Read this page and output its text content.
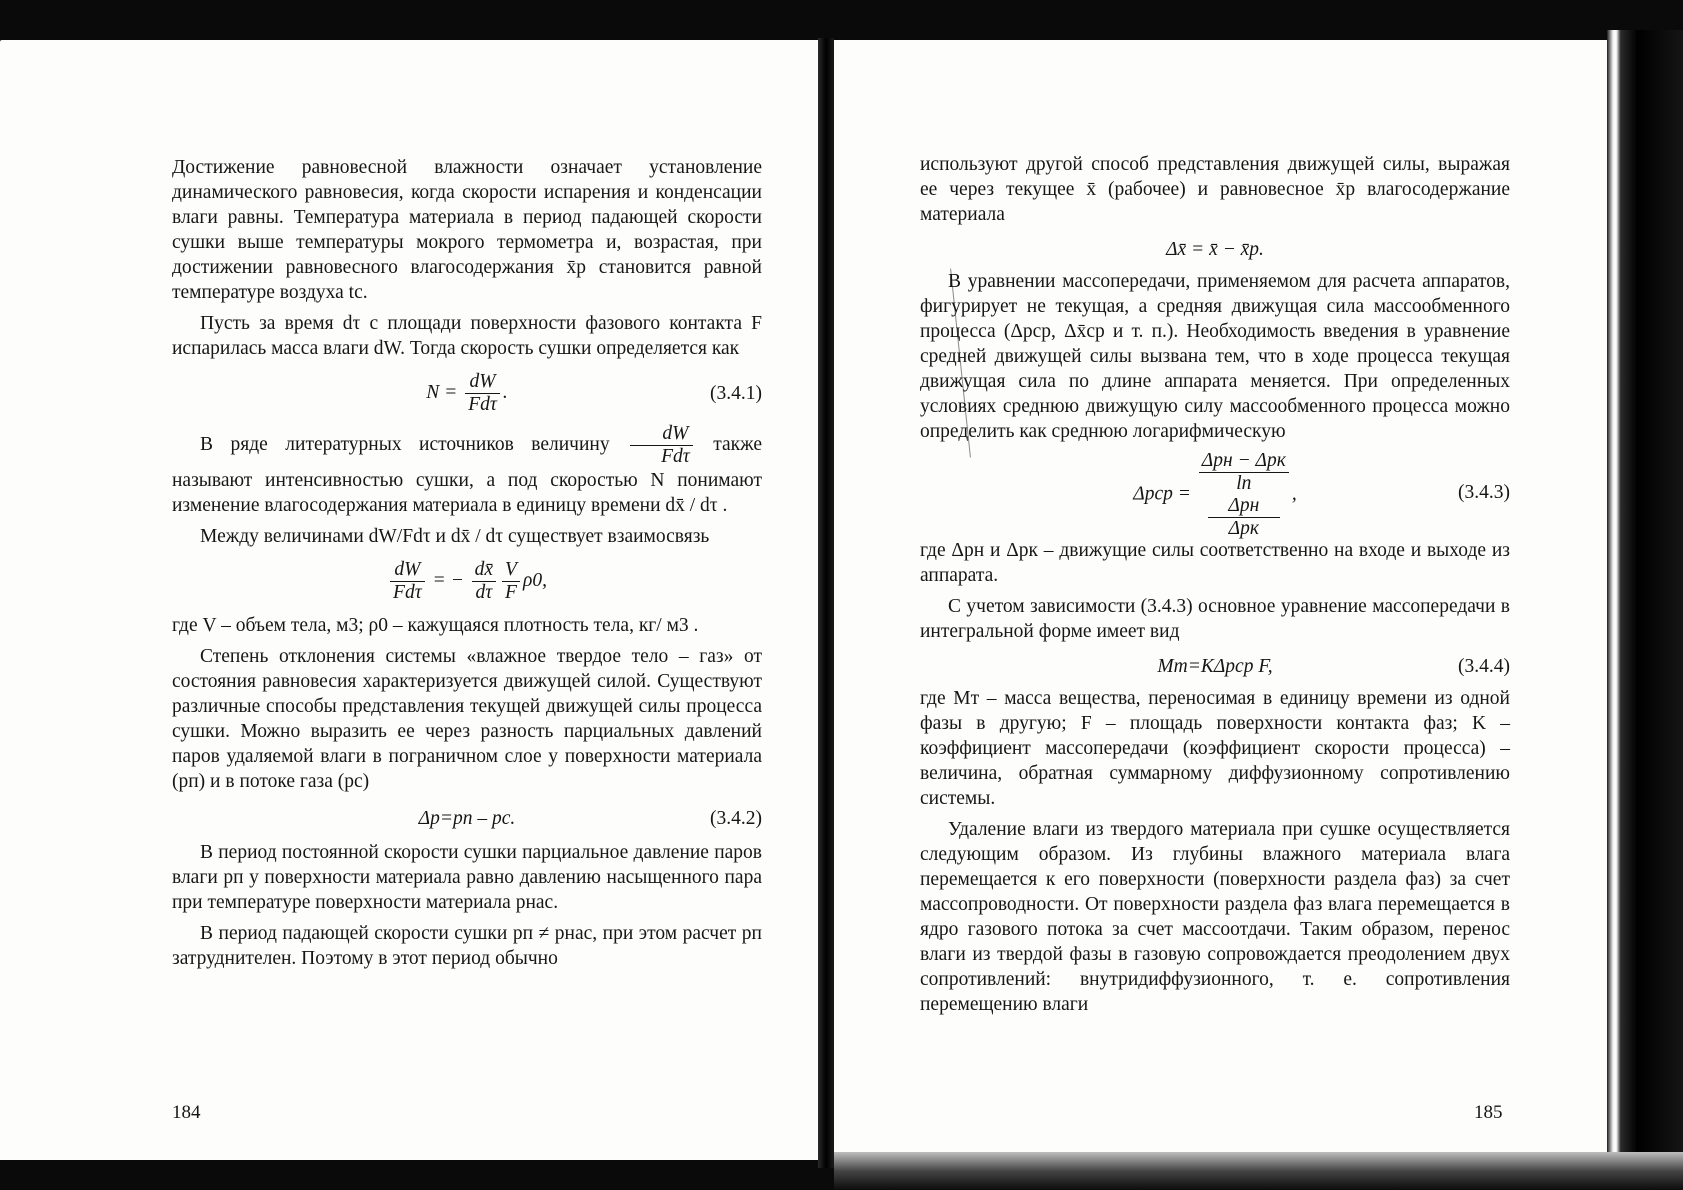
Достижение равновесной влажности означает установление динамического равновесия, когда скорости испарения и конденсации влаги равны. Температура материала в период падающей скорости сушки выше температуры мокрого термометра и, возрастая, при достижении равновесного влагосодержания x̄р становится равной температуре воздуха tс.

Пусть за время dτ с площади поверхности фазового контакта F испарилась масса влаги dW. Тогда скорость сушки определяется как

$N = \frac{dW}{\text{Fdτ}}$ .	(3.4.1)

В ряде литературных источников величину $\frac{dW}{\text{Fdτ}}$ также называют интенсивностью сушки, а под скоростью N понимают изменение влагосодержания материала в единицу времени dx̄ / dτ .

Между величинами dW/Fdτ и dx̄ / dτ существует взаимосвязь

$\frac{dW}{\text{Fdτ}}$ = − $\frac{dx̄}{d\tau} \frac{V}{F} \rho 0$,

где V – объем тела, м3; ρ0 – кажущаяся плотность тела, кг/ м3 .

Степень отклонения системы «влажное твердое тело – газ» от состояния равновесия характеризуется движущей силой. Существуют различные способы представления текущей движущей силы процесса сушки. Можно выразить ее через разность парциальных давлений паров удаляемой влаги в пограничном слое у поверхности материала (pп) и в потоке газа (pс)

Δp=pп – pс.	(3.4.2)

В период постоянной скорости сушки парциальное давление паров влаги pп у поверхности материала равно давлению насыщенного пара при температуре поверхности материала pнас.

В период падающей скорости сушки pп ≠ pнас, при этом расчет pп затруднителен. Поэтому в этот период обычно

184

используют другой способ представления движущей силы, выражая ее через текущее x̄ (рабочее) и равновесное x̄р влагосодержание материала

Δx̄ = x̄ − x̄р.

В уравнении массопередачи, применяемом для расчета аппаратов, фигурирует не текущая, а средняя движущая сила массообменного процесса (Δpср, Δx̄ср и т. п.). Необходимость введения в уравнение средней движущей силы вызвана тем, что в ходе процесса текущая движущая сила по длине аппарата меняется. При определенных условиях среднюю движущую силу массообменного процесса можно определить как среднюю логарифмическую

Δpср = Δpн − Δpк
ln
Δpн
Δpк ,	(3.4.3)

где Δpн и Δpк – движущие силы соответственно на входе и выходе из аппарата.

С учетом зависимости (3.4.3) основное уравнение массопередачи в интегральной форме имеет вид

Mт=KΔpср F,	(3.4.4)

где Mт – масса вещества, переносимая в единицу времени из одной фазы в другую; F – площадь поверхности контакта фаз; K – коэффициент массопередачи (коэффициент скорости процесса) – величина, обратная суммарному диффузионному сопротивлению системы.

Удаление влаги из твердого материала при сушке осуществляется следующим образом. Из глубины влажного материала влага перемещается к его поверхности (поверхности раздела фаз) за счет массопроводности. От поверхности раздела фаз влага перемещается в ядро газового потока за счет массоотдачи. Таким образом, перенос влаги из твердой фазы в газовую сопровождается преодолением двух сопротивлений: внутридиффузионного, т. е. сопротивления перемещению влаги

185
